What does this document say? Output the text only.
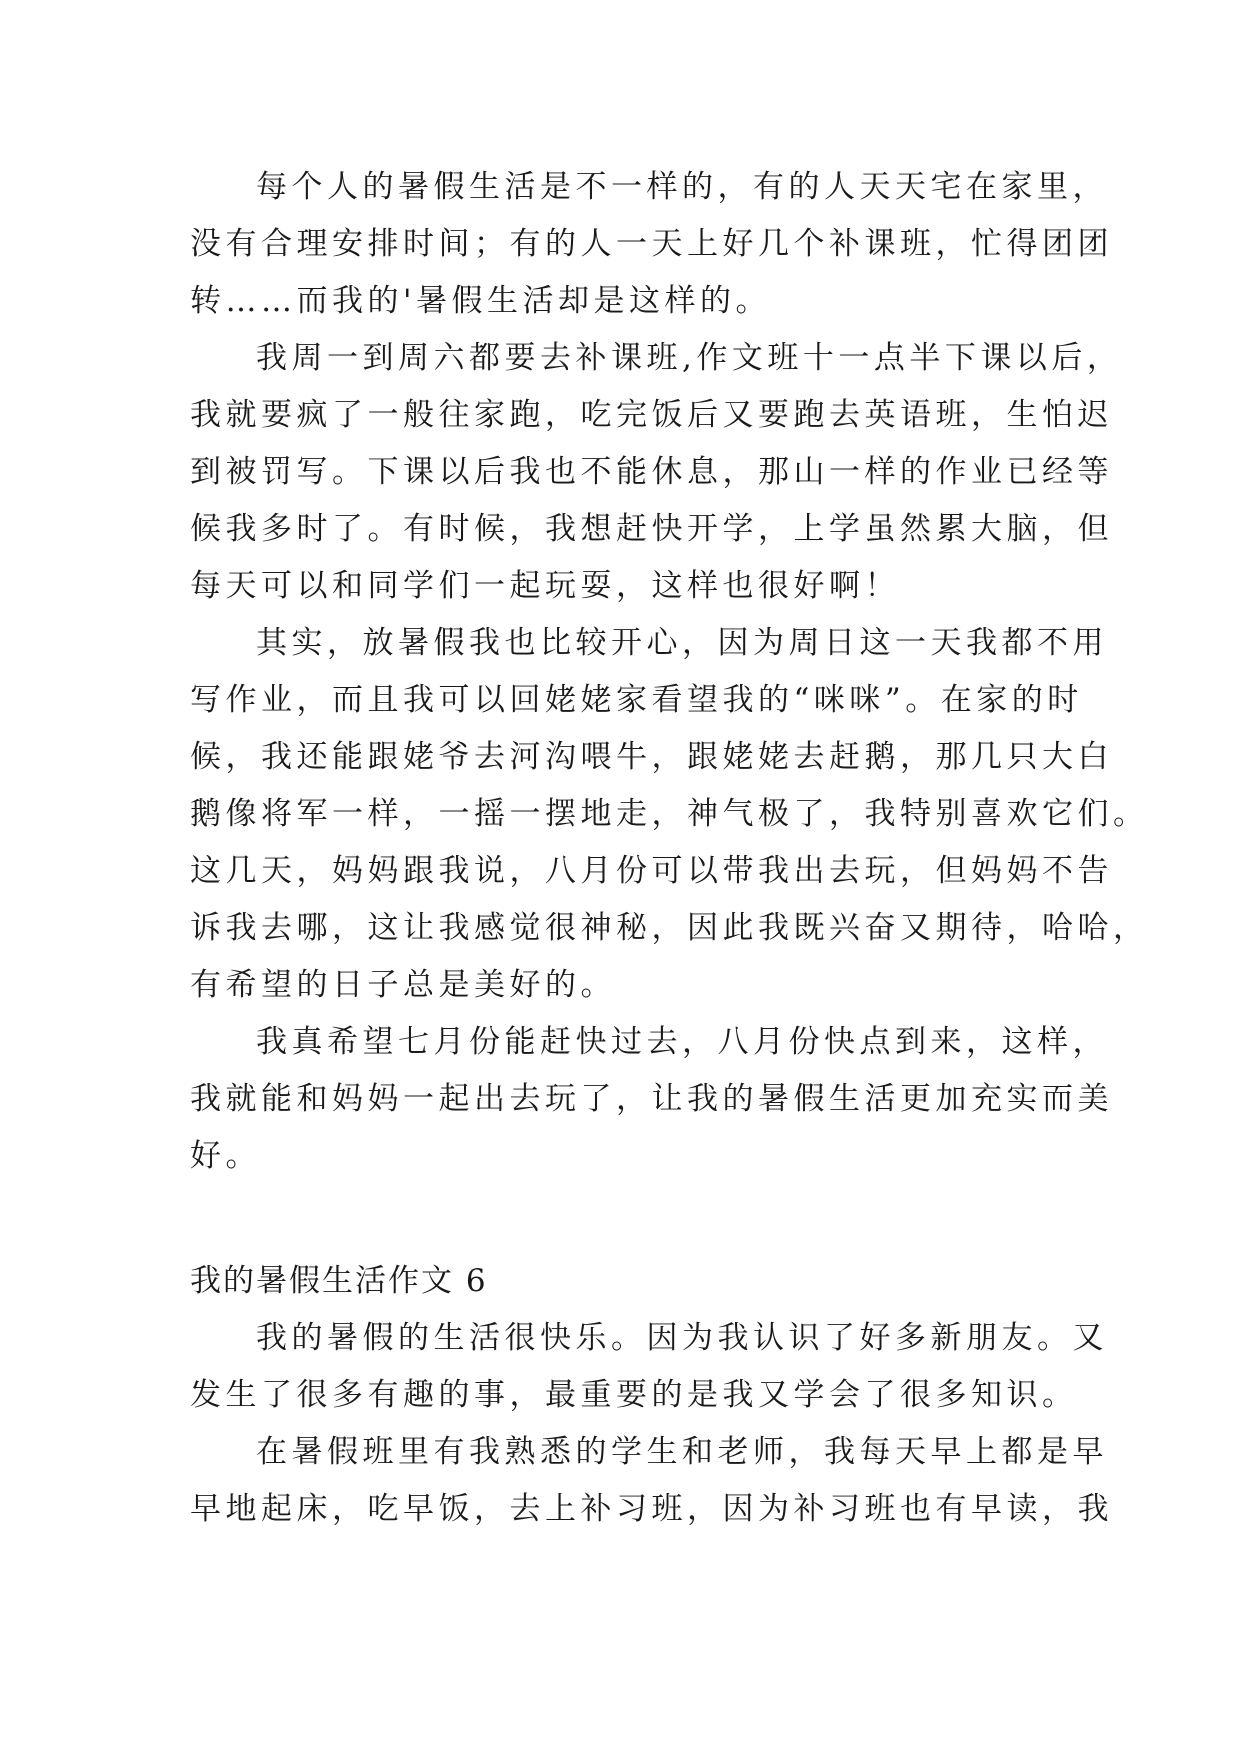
每个人的暑假生活是不一样的，有的人天天宅在家里，
没有合理安排时间；有的人一天上好几个补课班，忙得团团
转……而我的'暑假生活却是这样的。
我周一到周六都要去补课班,作文班十一点半下课以后，
我就要疯了一般往家跑，吃完饭后又要跑去英语班，生怕迟
到被罚写。下课以后我也不能休息，那山一样的作业已经等
候我多时了。有时候，我想赶快开学，上学虽然累大脑，但
每天可以和同学们一起玩耍，这样也很好啊！
其实，放暑假我也比较开心，因为周日这一天我都不用
写作业，而且我可以回姥姥家看望我的“咪咪”。在家的时
候，我还能跟姥爷去河沟喂牛，跟姥姥去赶鹅，那几只大白
鹅像将军一样，一摇一摆地走，神气极了，我特别喜欢它们。
这几天，妈妈跟我说，八月份可以带我出去玩，但妈妈不告
诉我去哪，这让我感觉很神秘，因此我既兴奋又期待，哈哈，
有希望的日子总是美好的。
我真希望七月份能赶快过去，八月份快点到来，这样，
我就能和妈妈一起出去玩了，让我的暑假生活更加充实而美
好。
我的暑假生活作文 6
我的暑假的生活很快乐。因为我认识了好多新朋友。又
发生了很多有趣的事，最重要的是我又学会了很多知识。
在暑假班里有我熟悉的学生和老师，我每天早上都是早
早地起床，吃早饭，去上补习班，因为补习班也有早读，我
